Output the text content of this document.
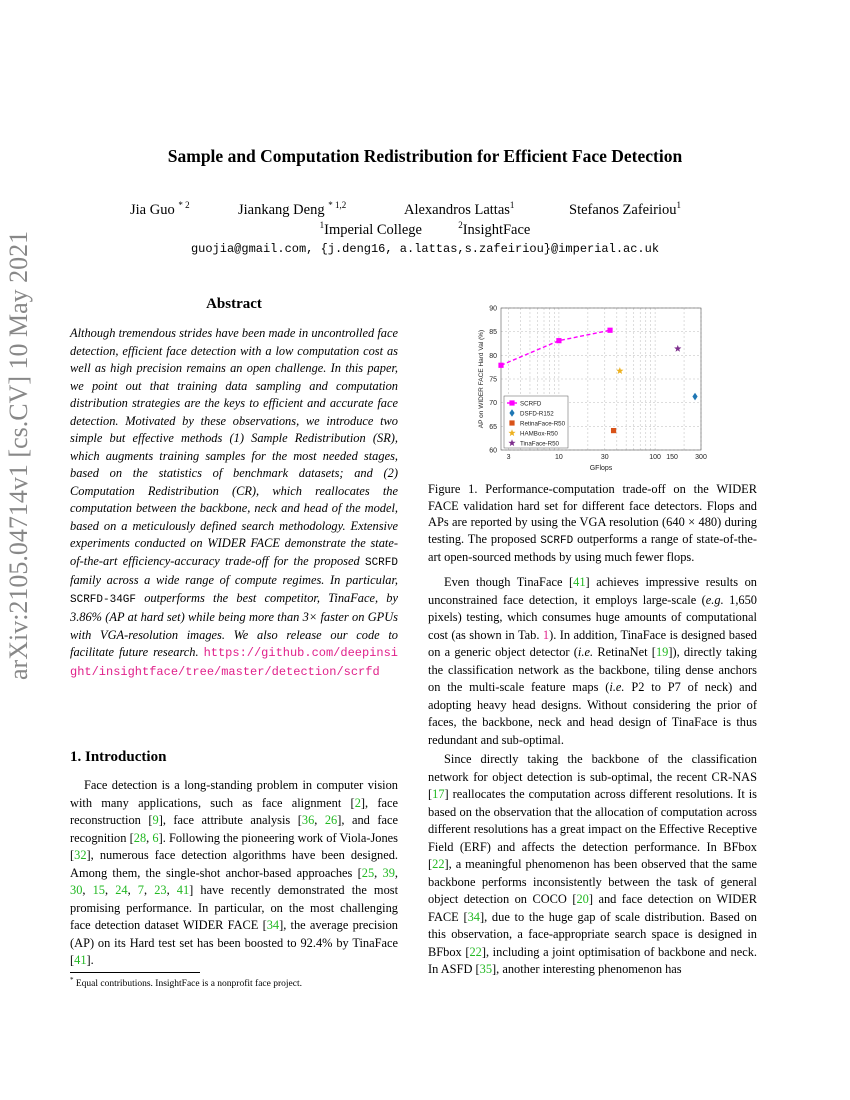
arXiv:2105.04714v1 [cs.CV] 10 May 2021
Sample and Computation Redistribution for Efficient Face Detection
Jia Guo $^{* 2}$	Jiankang Deng $^{* 1,2}$	Alexandros Lattas$^1$	Stefanos Zafeiriou$^1$
$^1$Imperial College	$^2$InsightFace
guojia@gmail.com, {j.deng16, a.lattas,s.zafeiriou}@imperial.ac.uk
Abstract
Although tremendous strides have been made in uncontrolled face detection, efficient face detection with a low computation cost as well as high precision remains an open challenge. In this paper, we point out that training data sampling and computation distribution strategies are the keys to efficient and accurate face detection. Motivated by these observations, we introduce two simple but effective methods (1) Sample Redistribution (SR), which augments training samples for the most needed stages, based on the statistics of benchmark datasets; and (2) Computation Redistribution (CR), which reallocates the computation between the backbone, neck and head of the model, based on a meticulously defined search methodology. Extensive experiments conducted on WIDER FACE demonstrate the state-of-the-art efficiency-accuracy trade-off for the proposed SCRFD family across a wide range of compute regimes. In particular, SCRFD-34GF outperforms the best competitor, TinaFace, by 3.86% (AP at hard set) while being more than 3× faster on GPUs with VGA-resolution images. We also release our code to facilitate future research. https://github.com/deepinsight/insightface/tree/master/detection/scrfd
1. Introduction

Face detection is a long-standing problem in computer vision with many applications, such as face alignment [2], face reconstruction [9], face attribute analysis [36, 26], and face recognition [28, 6]. Following the pioneering work of Viola-Jones [32], numerous face detection algorithms have been designed. Among them, the single-shot anchor-based approaches [25, 39, 30, 15, 24, 7, 23, 41] have recently demonstrated the most promising performance. In particular, on the most challenging face detection dataset WIDER FACE [34], the average precision (AP) on its Hard test set has been boosted to 92.4% by TinaFace [41].

* Equal contributions. InsightFace is a nonprofit face project.
60
65
70
75
80
85
90
3	10	30	100 150 300
GFlops
AP on WIDER FACE Hard Val (%)	SCRFD
DSFD-R152
RetinaFace-R50
HAMBox-R50
TinaFace-R50
Figure 1. Performance-computation trade-off on the WIDER FACE validation hard set for different face detectors. Flops and APs are reported by using the VGA resolution (640 × 480) during testing. The proposed SCRFD outperforms a range of state-of-the-art open-sourced methods by using much fewer flops.

Even though TinaFace [41] achieves impressive results on unconstrained face detection, it employs large-scale (e.g. 1,650 pixels) testing, which consumes huge amounts of computational cost (as shown in Tab. 1). In addition, TinaFace is designed based on a generic object detector (i.e. RetinaNet [19]), directly taking the classification network as the backbone, tiling dense anchors on the multi-scale feature maps (i.e. P2 to P7 of neck) and adopting heavy head designs. Without considering the prior of faces, the backbone, neck and head design of TinaFace is thus redundant and sub-optimal.

Since directly taking the backbone of the classification network for object detection is sub-optimal, the recent CR-NAS [17] reallocates the computation across different resolutions. It is based on the observation that the allocation of computation across different resolutions has a great impact on the Effective Receptive Field (ERF) and affects the detection performance. In BFbox [22], a meaningful phenomenon has been observed that the same backbone performs inconsistently between the task of general object detection on COCO [20] and face detection on WIDER FACE [34], due to the huge gap of scale distribution. Based on this observation, a face-appropriate search space is designed in BFbox [22], including a joint optimisation of backbone and neck. In ASFD [35], another interesting phenomenon has
